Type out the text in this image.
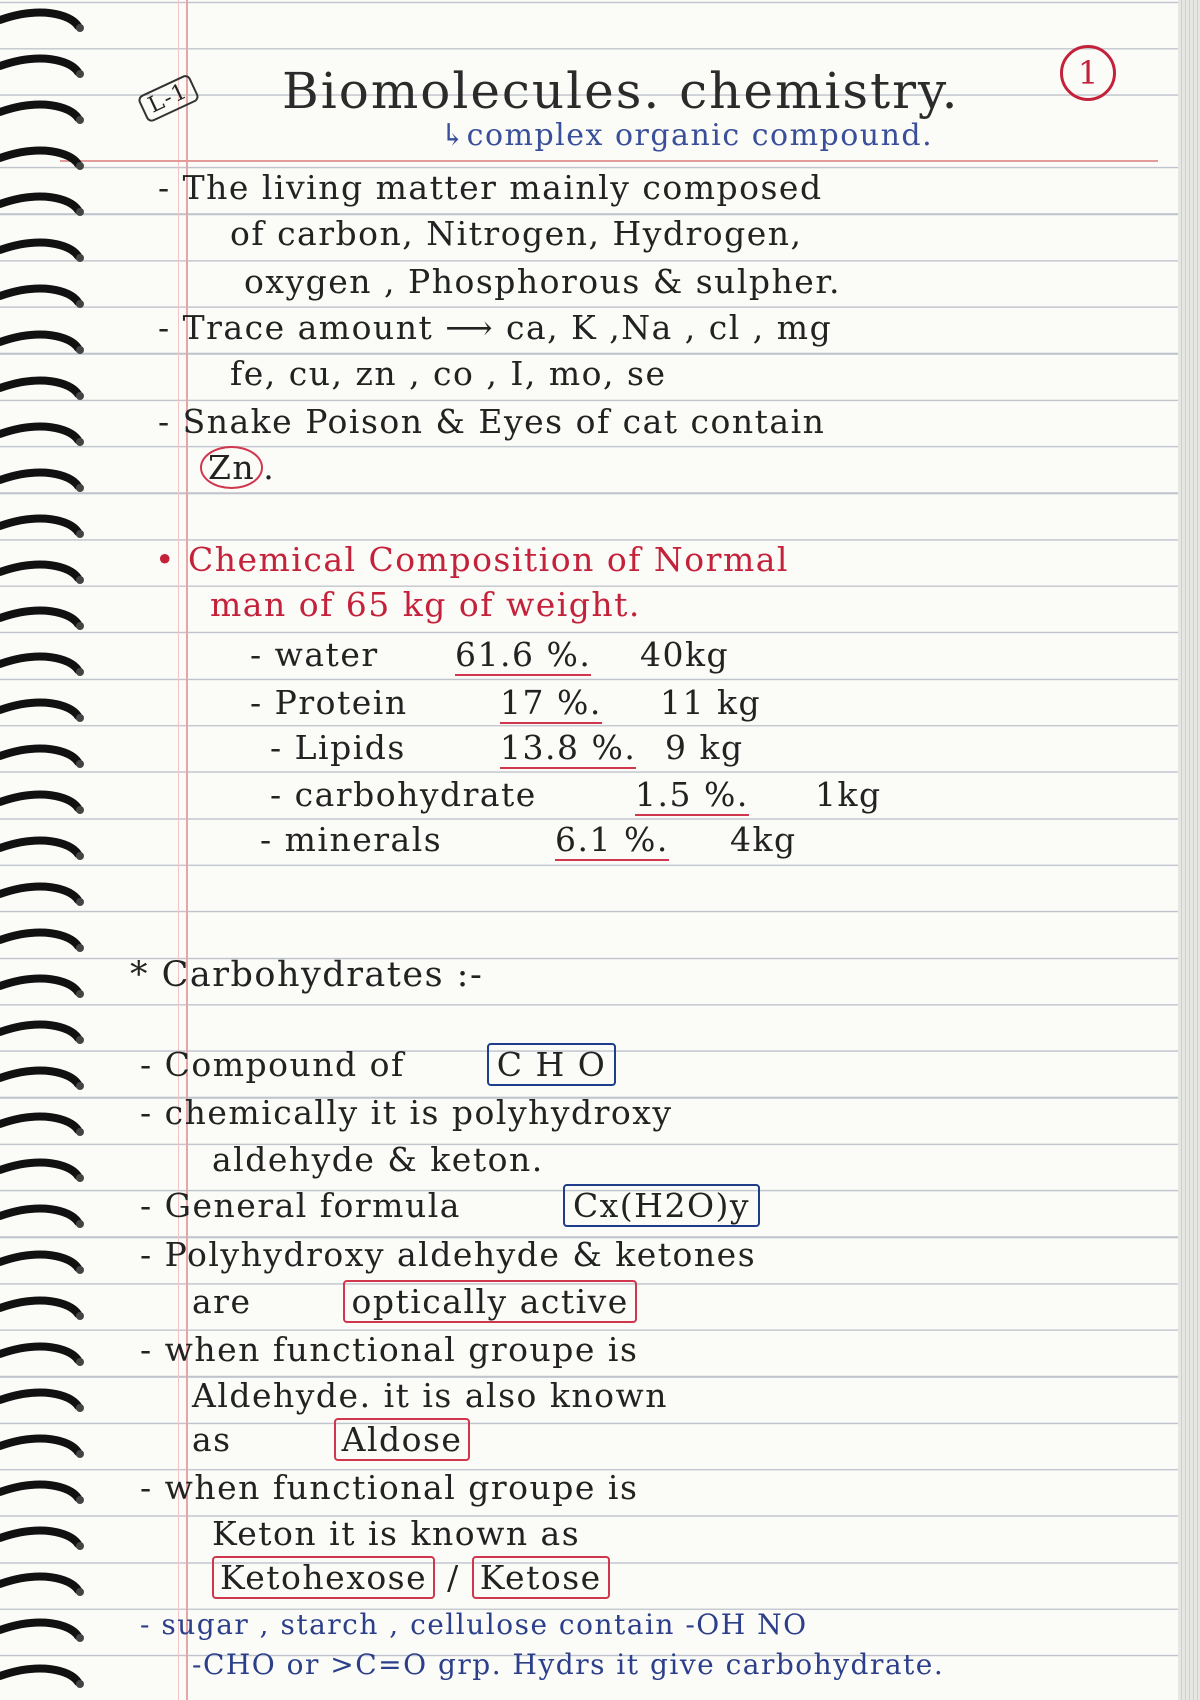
L-1 Biomolecules. chemistry.
↳complex organic compound.
1
- The living matter mainly composed
of carbon, Nitrogen, Hydrogen,
oxygen , Phosphorous & sulpher.
- Trace amount ⟶ ca, K ,Na , cl , mg
fe, cu, zn , co , I, mo, se
- Snake Poison & Eyes of cat contain
Zn .
• Chemical Composition of Normal
man of 65 kg of weight.
- water 61.6 %. 40kg
- Protein	17 %. 11 kg
- Lipids	13.8 %. 9 kg
- carbohydrate	1.5 %. 1kg
- minerals	6.1 %. 4kg
* Carbohydrates :-
- Compound of	C H O
- chemically it is polyhydroxy
aldehyde & keton.
- General formula	Cx(H2O)y
- Polyhydroxy aldehyde & ketones
are	optically active
- when functional groupe is
Aldehyde. it is also known
as	Aldose
- when functional groupe is
Keton it is known as
Ketohexose / Ketose
- sugar , starch , cellulose contain -OH NO
-CHO or >C=O grp. Hydrs it give carbohydrate.
